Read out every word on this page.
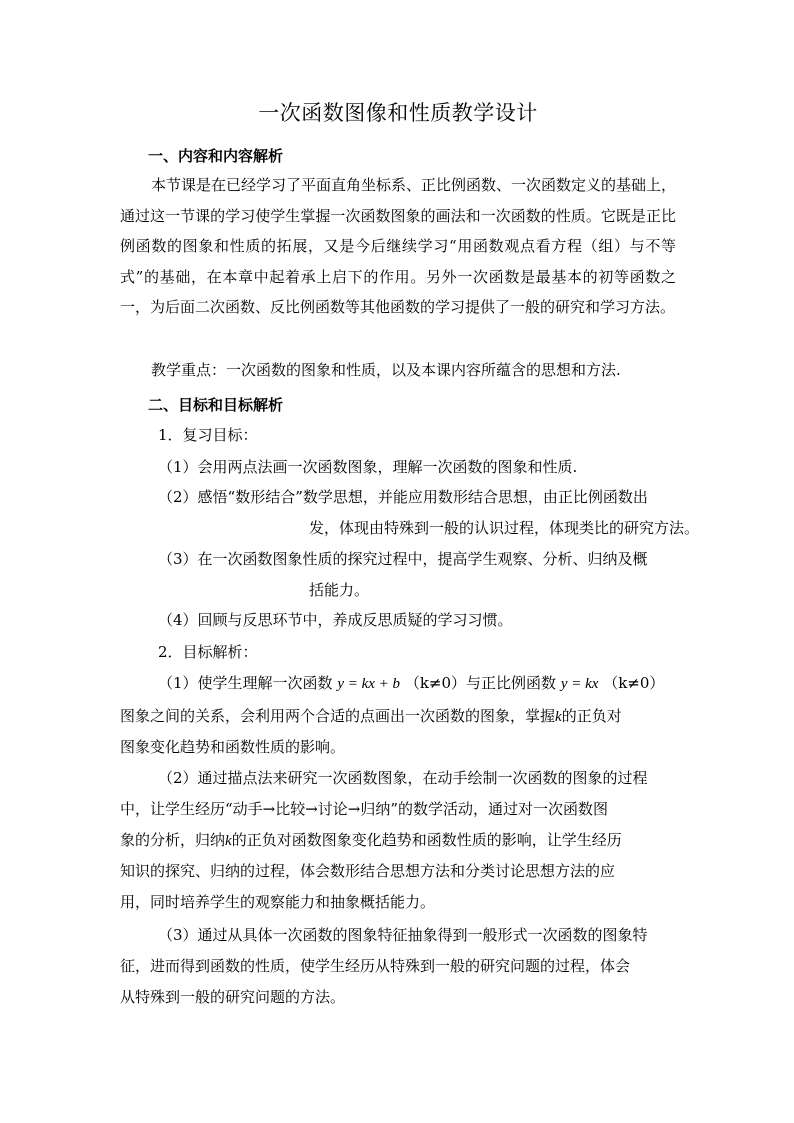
一次函数图像和性质教学设计
一、内容和内容解析
本节课是在已经学习了平面直角坐标系、正比例函数、一次函数定义的基础上，通过这一节课的学习使学生掌握一次函数图象的画法和一次函数的性质。它既是正比例函数的图象和性质的拓展，又是今后继续学习“用函数观点看方程（组）与不等式”的基础，在本章中起着承上启下的作用。另外一次函数是最基本的初等函数之一，为后面二次函数、反比例函数等其他函数的学习提供了一般的研究和学习方法。
教学重点：一次函数的图象和性质，以及本课内容所蕴含的思想和方法.
二、目标和目标解析
1．复习目标：
（1）会用两点法画一次函数图象，理解一次函数的图象和性质.
（2）感悟“数形结合”数学思想，并能应用数形结合思想，由正比例函数出
发，体现由特殊到一般的认识过程，体现类比的研究方法。
（3）在一次函数图象性质的探究过程中，提高学生观察、分析、归纳及概
括能力。
（4）回顾与反思环节中，养成反思质疑的学习习惯。
2．目标解析：
（1）使学生理解一次函数 y = kx + b （k≠0）与正比例函数 y = kx （k≠0）
图象之间的关系，会利用两个合适的点画出一次函数的图象，掌握k的正负对
图象变化趋势和函数性质的影响。
（2）通过描点法来研究一次函数图象，在动手绘制一次函数的图象的过程
中，让学生经历“动手→比较→讨论→归纳”的数学活动，通过对一次函数图
象的分析，归纳k的正负对函数图象变化趋势和函数性质的影响，让学生经历
知识的探究、归纳的过程，体会数形结合思想方法和分类讨论思想方法的应
用，同时培养学生的观察能力和抽象概括能力。
（3）通过从具体一次函数的图象特征抽象得到一般形式一次函数的图象特
征，进而得到函数的性质，使学生经历从特殊到一般的研究问题的过程，体会
从特殊到一般的研究问题的方法。
